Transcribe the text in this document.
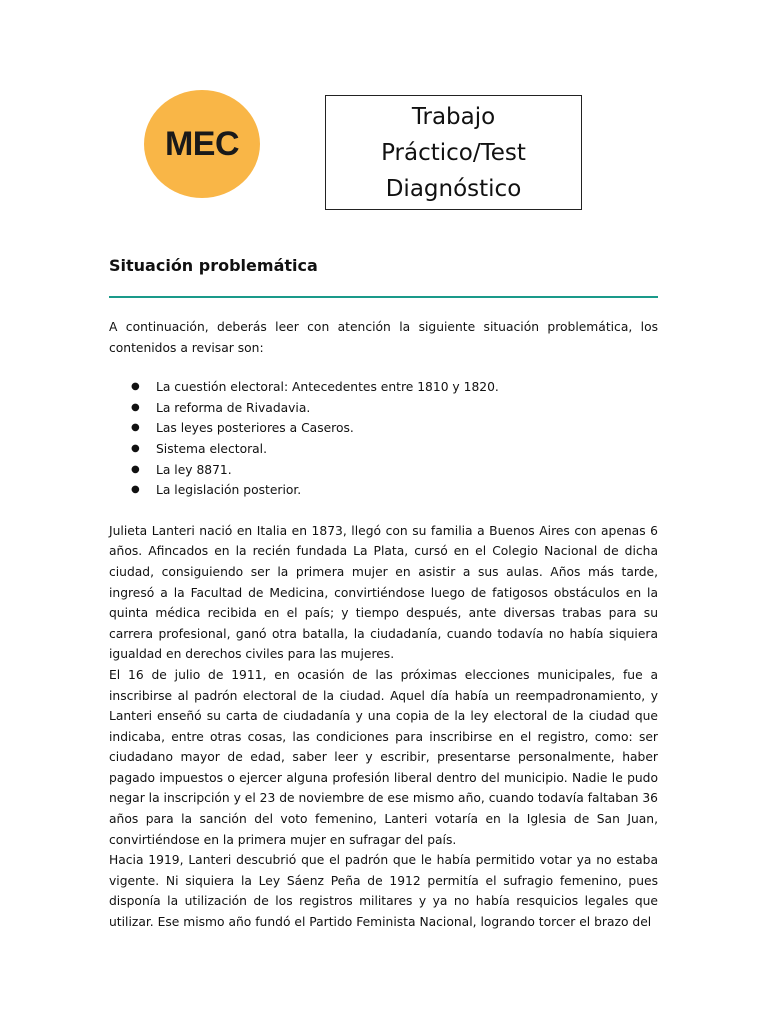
MEC
Trabajo
Práctico/Test
Diagnóstico
Situación problemática

A continuación, deberás leer con atención la siguiente situación problemática, los contenidos a revisar son:

● La cuestión electoral: Antecedentes entre 1810 y 1820.
● La reforma de Rivadavia.
● Las leyes posteriores a Caseros.
● Sistema electoral.
● La ley 8871.
● La legislación posterior.

Julieta Lanteri nació en Italia en 1873, llegó con su familia a Buenos Aires con apenas 6 años. Afincados en la recién fundada La Plata, cursó en el Colegio Nacional de dicha ciudad, consiguiendo ser la primera mujer en asistir a sus aulas. Años más tarde, ingresó a la Facultad de Medicina, convirtiéndose luego de fatigosos obstáculos en la quinta médica recibida en el país; y tiempo después, ante diversas trabas para su carrera profesional, ganó otra batalla, la ciudadanía, cuando todavía no había siquiera igualdad en derechos civiles para las mujeres.

El 16 de julio de 1911, en ocasión de las próximas elecciones municipales, fue a inscribirse al padrón electoral de la ciudad. Aquel día había un reempadronamiento, y Lanteri enseñó su carta de ciudadanía y una copia de la ley electoral de la ciudad que indicaba, entre otras cosas, las condiciones para inscribirse en el registro, como: ser ciudadano mayor de edad, saber leer y escribir, presentarse personalmente, haber pagado impuestos o ejercer alguna profesión liberal dentro del municipio. Nadie le pudo negar la inscripción y el 23 de noviembre de ese mismo año, cuando todavía faltaban 36 años para la sanción del voto femenino, Lanteri votaría en la Iglesia de San Juan, convirtiéndose en la primera mujer en sufragar del país.

Hacia 1919, Lanteri descubrió que el padrón que le había permitido votar ya no estaba vigente. Ni siquiera la Ley Sáenz Peña de 1912 permitía el sufragio femenino, pues disponía la utilización de los registros militares y ya no había resquicios legales que utilizar. Ese mismo año fundó el Partido Feminista Nacional, logrando torcer el brazo del
